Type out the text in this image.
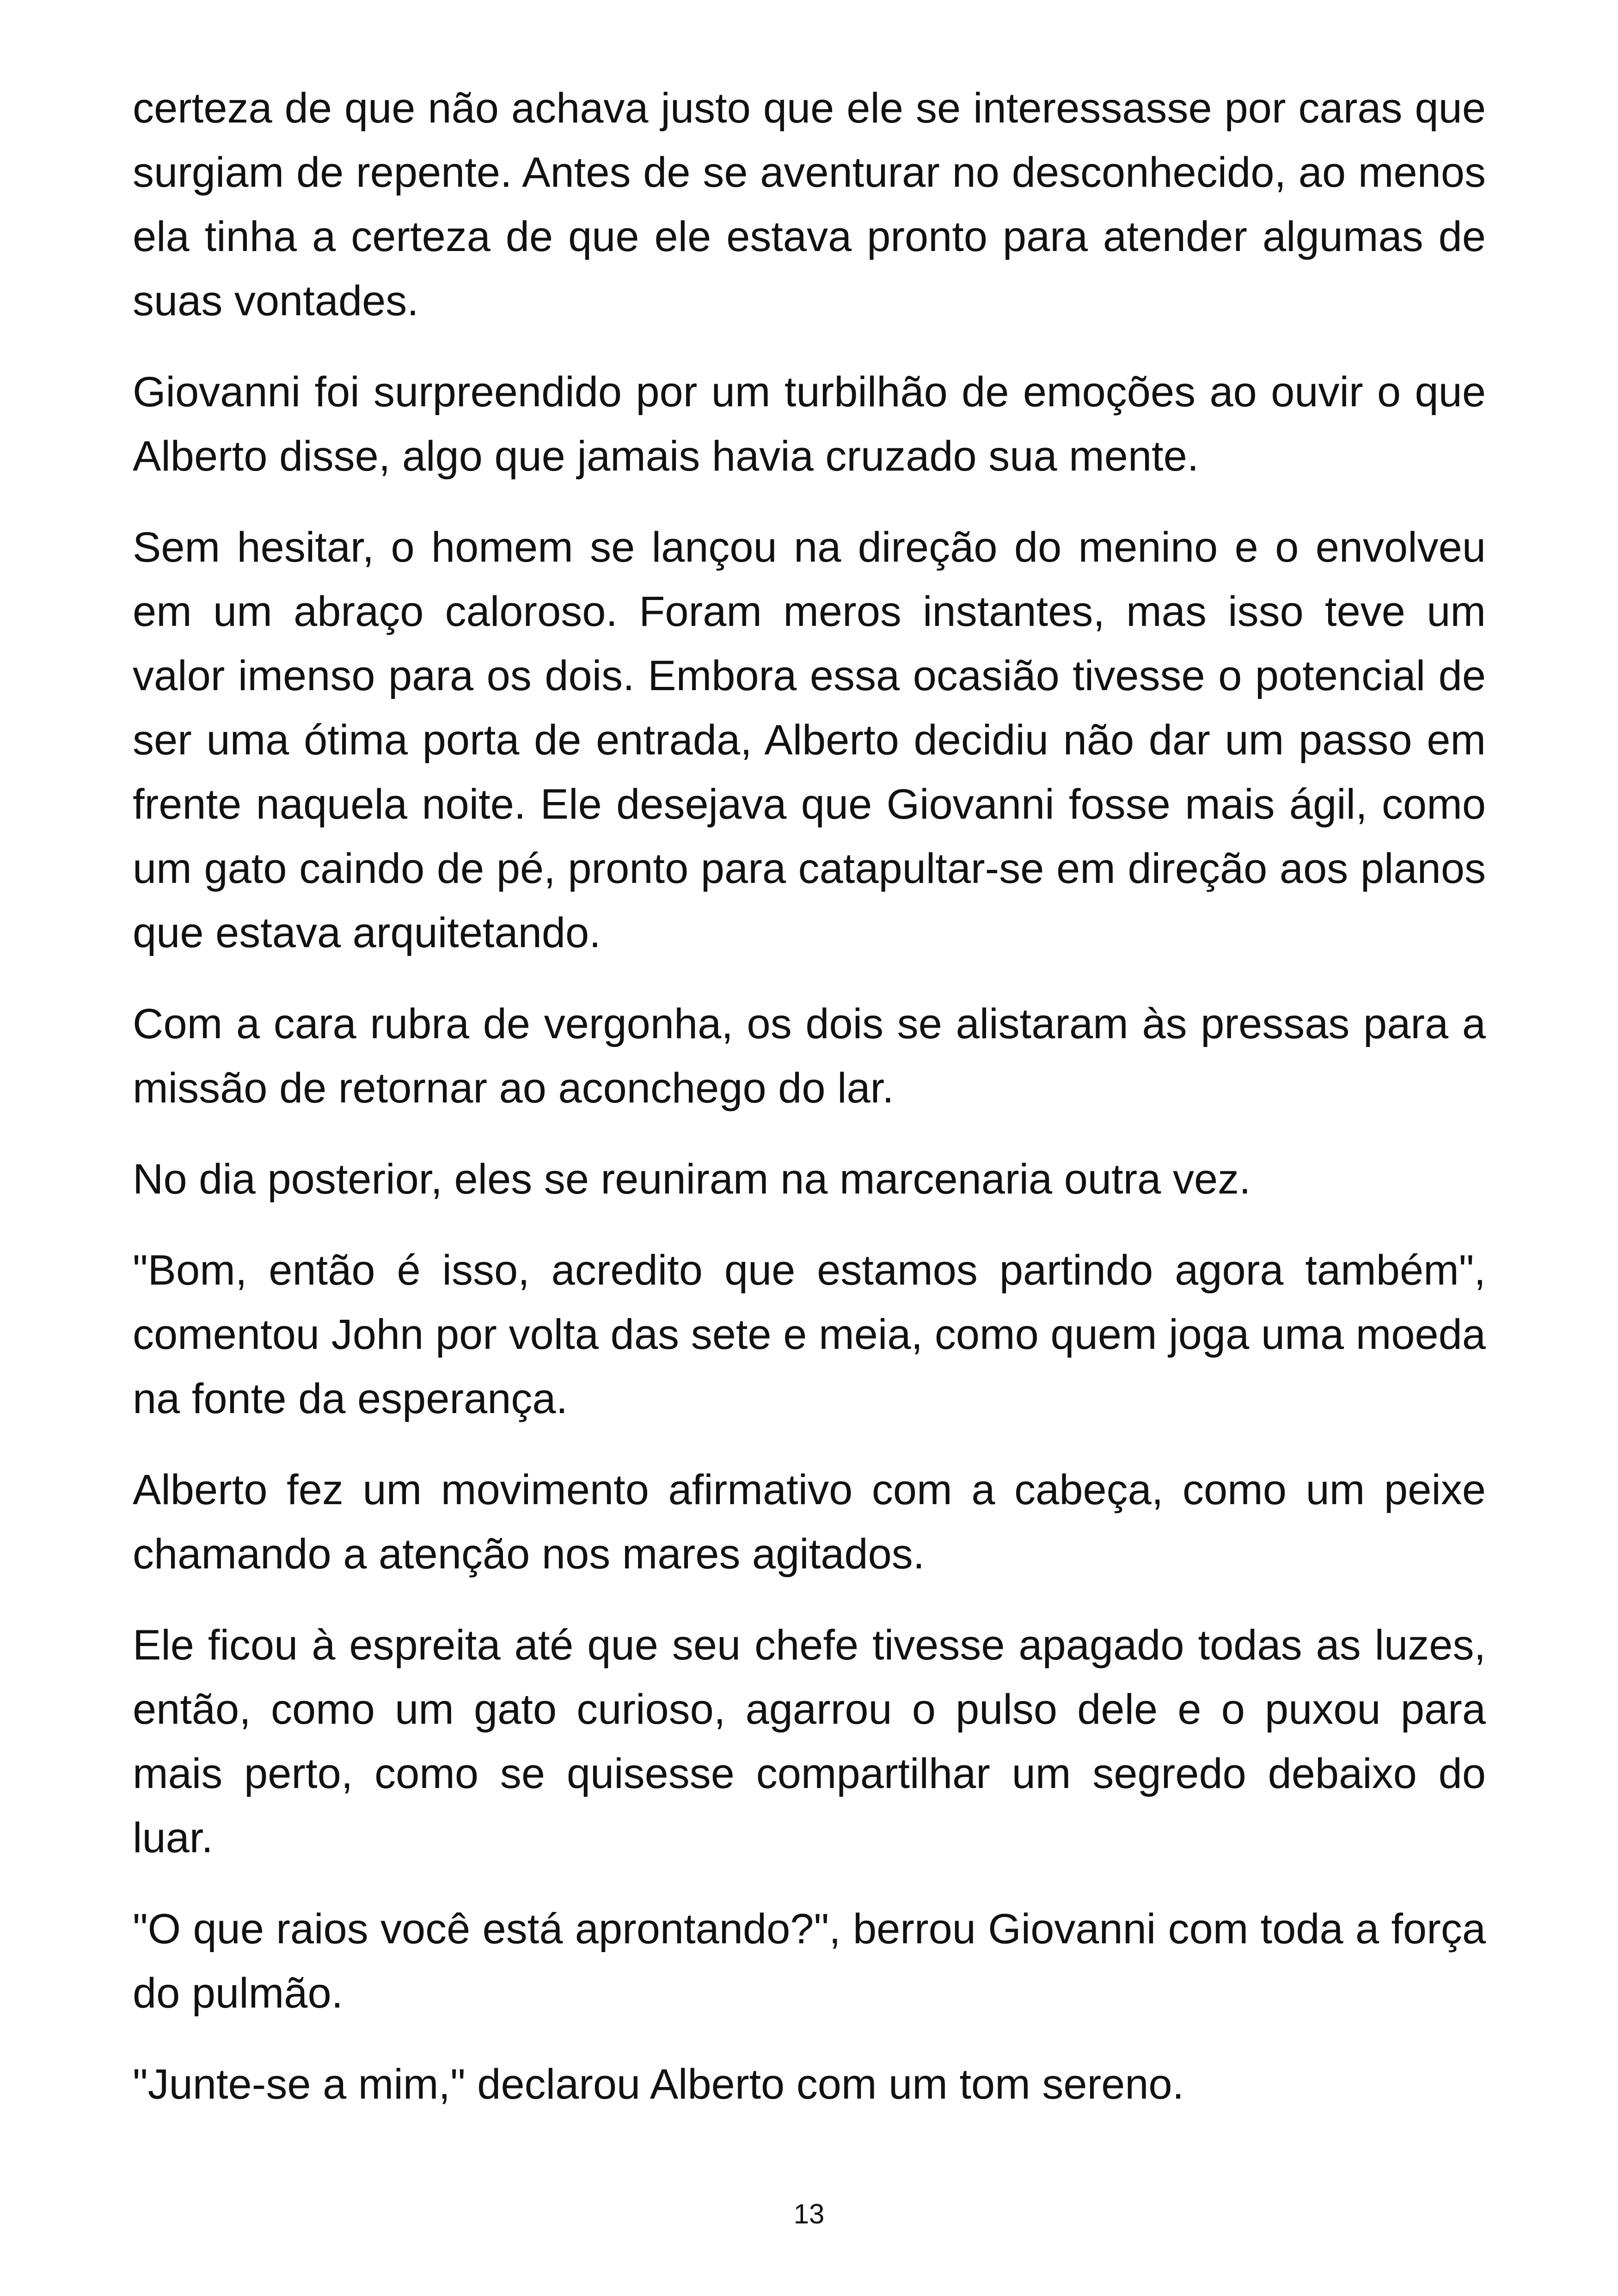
certeza de que não achava justo que ele se interessasse por caras que surgiam de repente. Antes de se aventurar no desconhecido, ao menos ela tinha a certeza de que ele estava pronto para atender algumas de suas vontades.

Giovanni foi surpreendido por um turbilhão de emoções ao ouvir o que Alberto disse, algo que jamais havia cruzado sua mente.

Sem hesitar, o homem se lançou na direção do menino e o envolveu em um abraço caloroso. Foram meros instantes, mas isso teve um valor imenso para os dois. Embora essa ocasião tivesse o potencial de ser uma ótima porta de entrada, Alberto decidiu não dar um passo em frente naquela noite. Ele desejava que Giovanni fosse mais ágil, como um gato caindo de pé, pronto para catapultar-se em direção aos planos que estava arquitetando.

Com a cara rubra de vergonha, os dois se alistaram às pressas para a missão de retornar ao aconchego do lar.

No dia posterior, eles se reuniram na marcenaria outra vez.

"Bom, então é isso, acredito que estamos partindo agora também", comentou John por volta das sete e meia, como quem joga uma moeda na fonte da esperança.

Alberto fez um movimento afirmativo com a cabeça, como um peixe chamando a atenção nos mares agitados.

Ele ficou à espreita até que seu chefe tivesse apagado todas as luzes, então, como um gato curioso, agarrou o pulso dele e o puxou para mais perto, como se quisesse compartilhar um segredo debaixo do luar.

"O que raios você está aprontando?", berrou Giovanni com toda a força do pulmão.

"Junte-se a mim," declarou Alberto com um tom sereno.

13
